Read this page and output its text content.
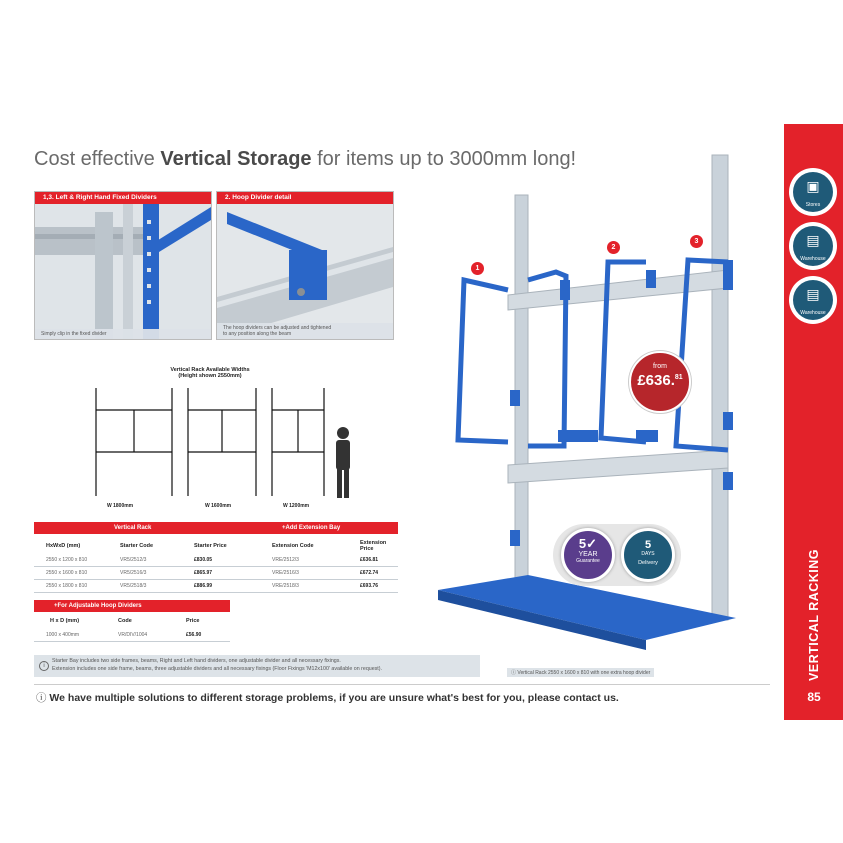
Cost effective Vertical Storage for items up to 3000mm long!
1,3. Left & Right Hand Fixed Dividers
Simply clip in the fixed divider
2. Hoop Divider detail
The hoop dividers can be adjusted and tightened
to any position along the beam
Vertical Rack Available Widths
(Height shown 2550mm)
W 1800mm	W 1600mm	W 1200mm
Vertical Rack	+Add Extension Bay
HxWxD (mm)	Starter Code	Starter Price	Extension Code	Extension Price
2550 x 1200 x 810	VR5/2512/3	£830.05	VRE/2512/3	£636.81
2550 x 1600 x 810	VR5/2516/3	£865.97	VRE/2516/3	£672.74
2550 x 1800 x 810	VR5/2518/3	£886.99	VRE/2518/3	£693.76
+For Adjustable Hoop Dividers
H x D (mm)	Code	Price
1000 x 400mm	VR/DIV/1004	£56.90
i
Starter Bay includes two side frames, beams, Right and Left hand dividers, one adjustable divider and all necessary fixings.
Extension includes one side frame, beams, three adjustable dividers and all necessary fixings (Floor Fixings 'M12x100' available on request).
1
2
3
from
£636.81
5✓
YEAR
Guarantee
5
DAYS
Delivery
ⓘ Vertical Rack 2550 x 1600 x 810 with one extra hoop divider
ⓘ We have multiple solutions to different storage problems, if you are unsure what's best for you, please contact us.
▣
Stores
▤
Warehouse
▤
Warehouse
VERTICAL RACKING
85
